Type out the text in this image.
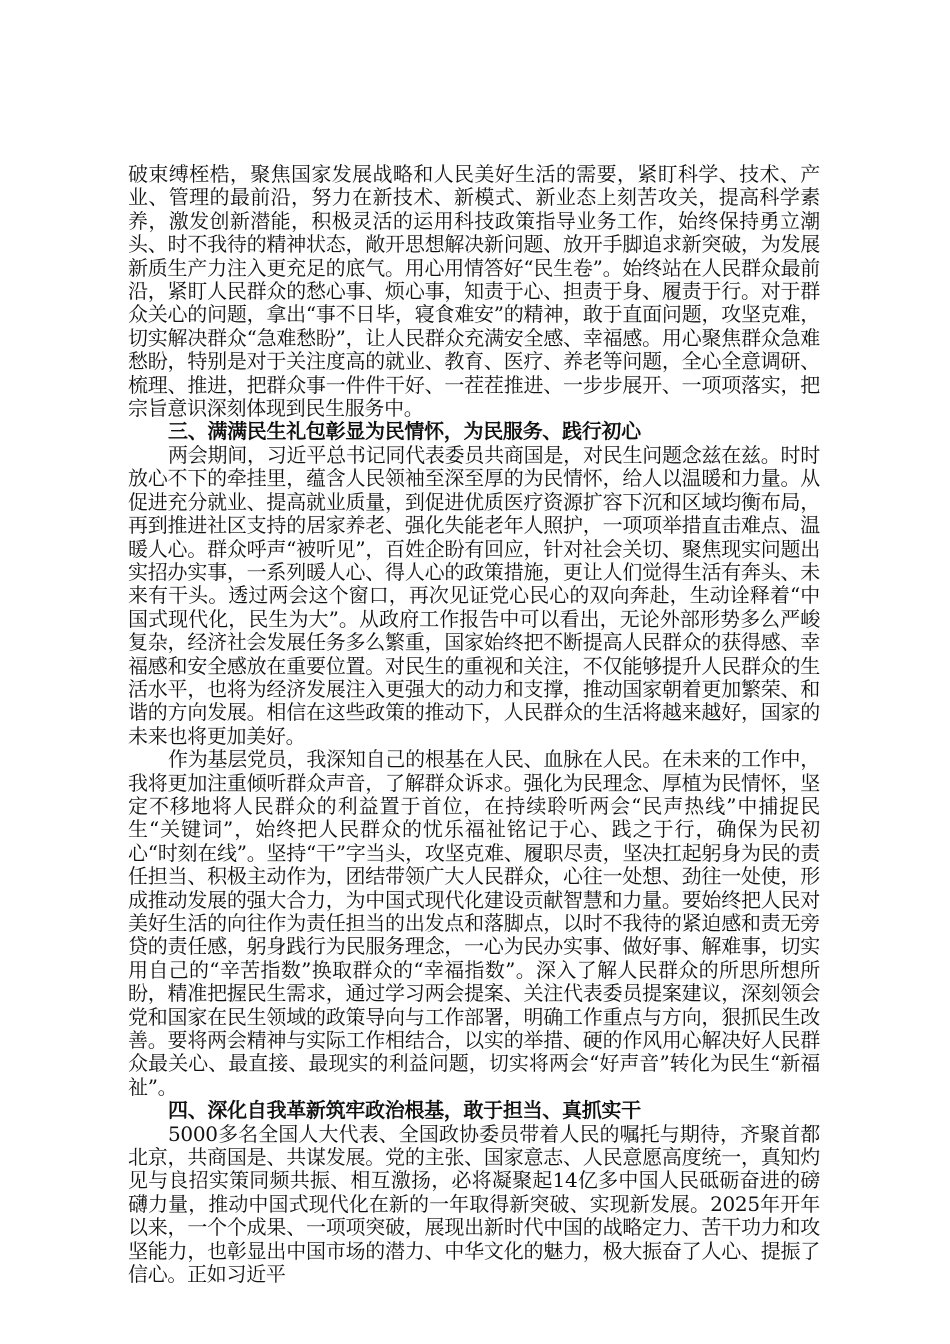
破束缚桎梏，聚焦国家发展战略和人民美好生活的需要，紧盯科学、技术、产业、管理的最前沿，努力在新技术、新模式、新业态上刻苦攻关，提高科学素养，激发创新潜能，积极灵活的运用科技政策指导业务工作，始终保持勇立潮头、时不我待的精神状态，敞开思想解决新问题、放开手脚追求新突破，为发展新质生产力注入更充足的底气。用心用情答好“民生卷”。始终站在人民群众最前沿，紧盯人民群众的愁心事、烦心事，知责于心、担责于身、履责于行。对于群众关心的问题，拿出“事不日毕，寝食难安”的精神，敢于直面问题，攻坚克难，切实解决群众“急难愁盼”，让人民群众充满安全感、幸福感。用心聚焦群众急难愁盼，特别是对于关注度高的就业、教育、医疗、养老等问题，全心全意调研、梳理、推进，把群众事一件件干好、一茬茬推进、一步步展开、一项项落实，把宗旨意识深刻体现到民生服务中。

三、满满民生礼包彰显为民情怀，为民服务、践行初心

两会期间，习近平总书记同代表委员共商国是，对民生问题念兹在兹。时时放心不下的牵挂里，蕴含人民领袖至深至厚的为民情怀，给人以温暖和力量。从促进充分就业、提高就业质量，到促进优质医疗资源扩容下沉和区域均衡布局，再到推进社区支持的居家养老、强化失能老年人照护，一项项举措直击难点、温暖人心。群众呼声“被听见”，百姓企盼有回应，针对社会关切、聚焦现实问题出实招办实事，一系列暖人心、得人心的政策措施，更让人们觉得生活有奔头、未来有干头。透过两会这个窗口，再次见证党心民心的双向奔赴，生动诠释着“中国式现代化，民生为大”。从政府工作报告中可以看出，无论外部形势多么严峻复杂，经济社会发展任务多么繁重，国家始终把不断提高人民群众的获得感、幸福感和安全感放在重要位置。对民生的重视和关注，不仅能够提升人民群众的生活水平，也将为经济发展注入更强大的动力和支撑，推动国家朝着更加繁荣、和谐的方向发展。相信在这些政策的推动下，人民群众的生活将越来越好，国家的未来也将更加美好。

作为基层党员，我深知自己的根基在人民、血脉在人民。在未来的工作中，我将更加注重倾听群众声音，了解群众诉求。强化为民理念、厚植为民情怀，坚定不移地将人民群众的利益置于首位，在持续聆听两会“民声热线”中捕捉民生“关键词”，始终把人民群众的忧乐福祉铭记于心、践之于行，确保为民初心“时刻在线”。坚持“干”字当头，攻坚克难、履职尽责，坚决扛起躬身为民的责任担当、积极主动作为，团结带领广大人民群众，心往一处想、劲往一处使，形成推动发展的强大合力，为中国式现代化建设贡献智慧和力量。要始终把人民对美好生活的向往作为责任担当的出发点和落脚点，以时不我待的紧迫感和责无旁贷的责任感，躬身践行为民服务理念，一心为民办实事、做好事、解难事，切实用自己的“辛苦指数”换取群众的“幸福指数”。深入了解人民群众的所思所想所盼，精准把握民生需求，通过学习两会提案、关注代表委员提案建议，深刻领会党和国家在民生领域的政策导向与工作部署，明确工作重点与方向，狠抓民生改善。要将两会精神与实际工作相结合，以实的举措、硬的作风用心解决好人民群众最关心、最直接、最现实的利益问题，切实将两会“好声音”转化为民生“新福祉”。

四、深化自我革新筑牢政治根基，敢于担当、真抓实干

5000多名全国人大代表、全国政协委员带着人民的嘱托与期待，齐聚首都北京，共商国是、共谋发展。党的主张、国家意志、人民意愿高度统一，真知灼见与良招实策同频共振、相互激扬，必将凝聚起14亿多中国人民砥砺奋进的磅礴力量，推动中国式现代化在新的一年取得新突破、实现新发展。2025年开年以来，一个个成果、一项项突破，展现出新时代中国的战略定力、苦干功力和攻坚能力，也彰显出中国市场的潜力、中华文化的魅力，极大振奋了人心、提振了信心。正如习近平
